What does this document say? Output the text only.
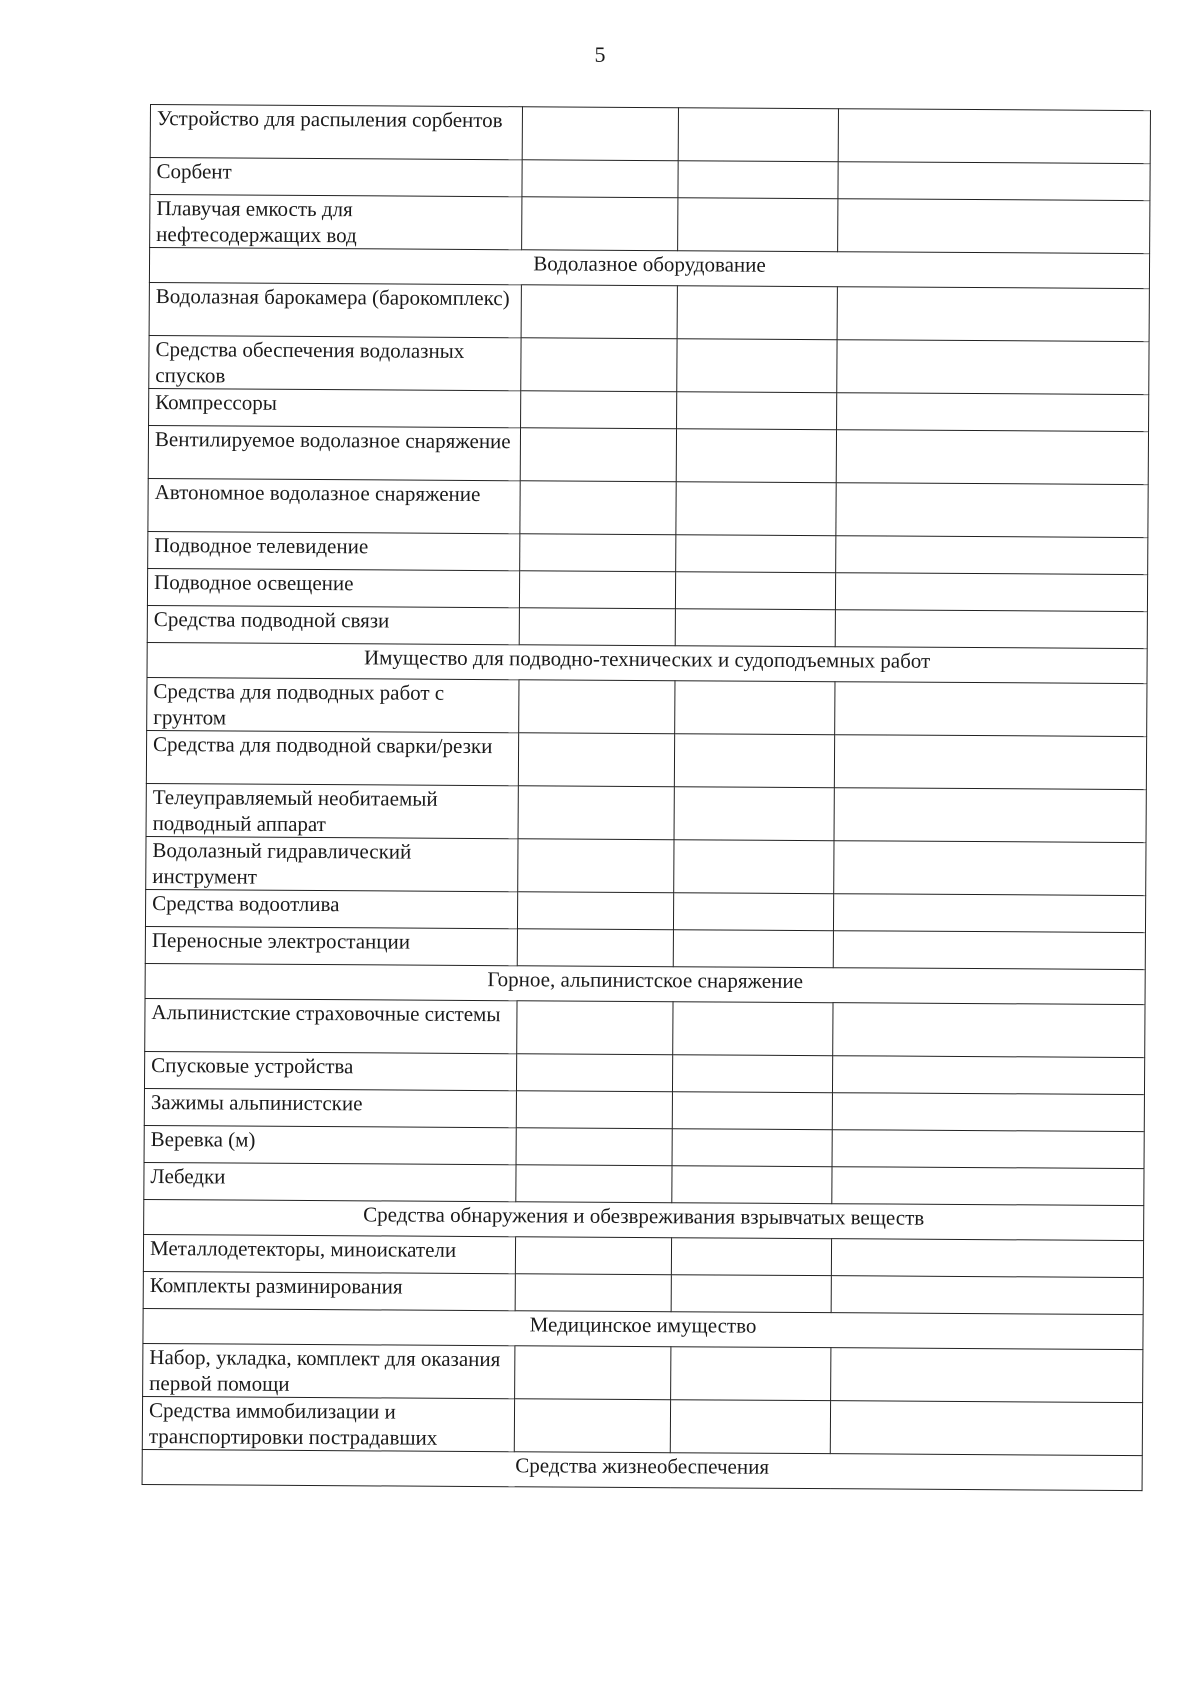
5
Устройство для распыления сорбентов			
Сорбент			
Плавучая емкость для нефтесодержащих вод			
Водолазное оборудование			
Водолазная барокамера (барокомплекс)			
Средства обеспечения водолазных спусков			
Компрессоры			
Вентилируемое водолазное снаряжение			
Автономное водолазное снаряжение			
Подводное телевидение			
Подводное освещение			
Средства подводной связи			
Имущество для подводно-технических и судоподъемных работ			
Средства для подводных работ с грунтом			
Средства для подводной сварки/резки			
Телеуправляемый необитаемый подводный аппарат			
Водолазный гидравлический инструмент			
Средства водоотлива			
Переносные электростанции			
Горное, альпинистское снаряжение			
Альпинистские страховочные системы			
Спусковые устройства			
Зажимы альпинистские			
Веревка (м)			
Лебедки			
Средства обнаружения и обезвреживания взрывчатых веществ			
Металлодетекторы, миноискатели			
Комплекты разминирования			
Медицинское имущество			
Набор, укладка, комплект для оказания первой помощи			
Средства иммобилизации и транспортировки пострадавших			
Средства жизнеобеспечения			
